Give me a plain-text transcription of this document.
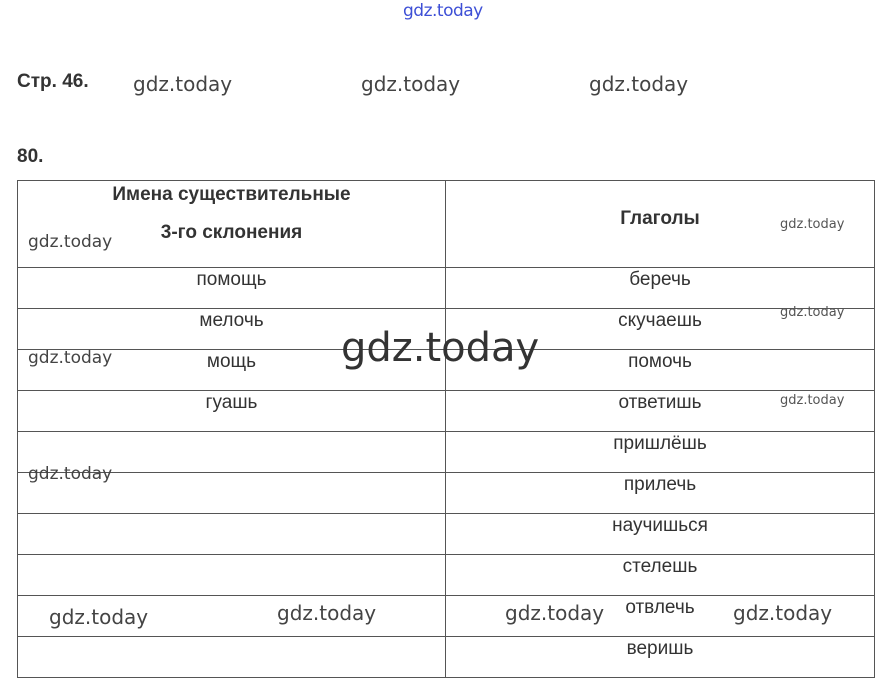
gdz.today
gdz.today	gdz.today	gdz.today
Стр. 46.
80.
Имена существительные
3-го склонения	Глаголы
помощь	беречь
мелочь	скучаешь
мощь	помочь
гуашь	ответишь
	пришлёшь
	прилечь
	научишься
	стелешь
	отвлечь
	веришь
gdz.today
gdz.today
gdz.today
gdz.today
gdz.today
gdz.today
gdz.today
gdz.today	gdz.today	gdz.today	gdz.today
